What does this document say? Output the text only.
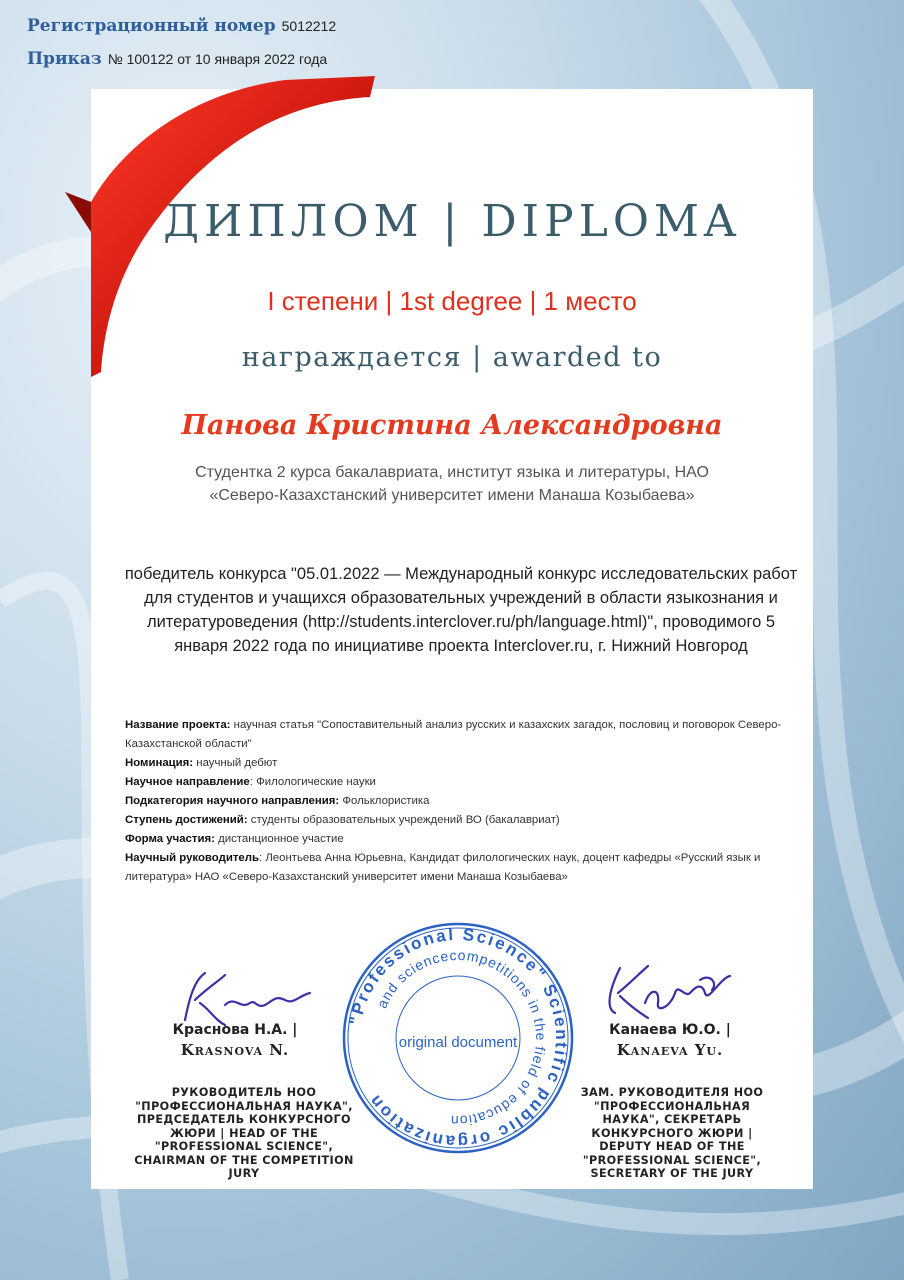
Регистрационный номер 5012212
Приказ № 100122 от 10 января 2022 года
ДИПЛОМ | DIPLOMA
I степени | 1st degree | 1 место
награждается | awarded to
Панова Кристина Александровна
Студентка 2 курса бакалавриата, институт языка и литературы, НАО
«Северо-Казахстанский университет имени Манаша Козыбаева»
победитель конкурса "05.01.2022 — Международный конкурс исследовательских работ для студентов и учащихся образовательных учреждений в области языкознания и литературоведения (http://students.interclover.ru/ph/language.html)", проводимого 5 января 2022 года по инициативе проекта Interclover.ru, г. Нижний Новгород
Название проекта: научная статья "Сопоставительный анализ русских и казахских загадок, пословиц и поговорок Северо- Казахстанской области"
Номинация: научный дебют
Научное направление: Филологические науки
Подкатегория научного направления: Фольклористика
Ступень достижений: студенты образовательных учреждений ВО (бакалавриат)
Форма участия: дистанционное участие
Научный руководитель: Леонтьева Анна Юрьевна, Кандидат филологических наук, доцент кафедры «Русский язык и литература» НАО «Северо-Казахстанский университет имени Манаша Козыбаева»
Краснова Н.А. |
Krasnova N.
РУКОВОДИТЕЛЬ НОО "ПРОФЕССИОНАЛЬНАЯ НАУКА", ПРЕДСЕДАТЕЛЬ КОНКУРСНОГО ЖЮРИ | HEAD OF THE "PROFESSIONAL SCIENCE", CHAIRMAN OF THE COMPETITION JURY
Канаева Ю.О. |
Kanaeva Yu.
ЗАМ. РУКОВОДИТЕЛЯ НОО "ПРОФЕССИОНАЛЬНАЯ НАУКА", СЕКРЕТАРЬ КОНКУРСНОГО ЖЮРИ | DEPUTY HEAD OF THE "PROFESSIONAL SCIENCE", SECRETARY OF THE JURY
"Professional Science" Scientific public organization
and sciencecompetitions in the field of education
original document
